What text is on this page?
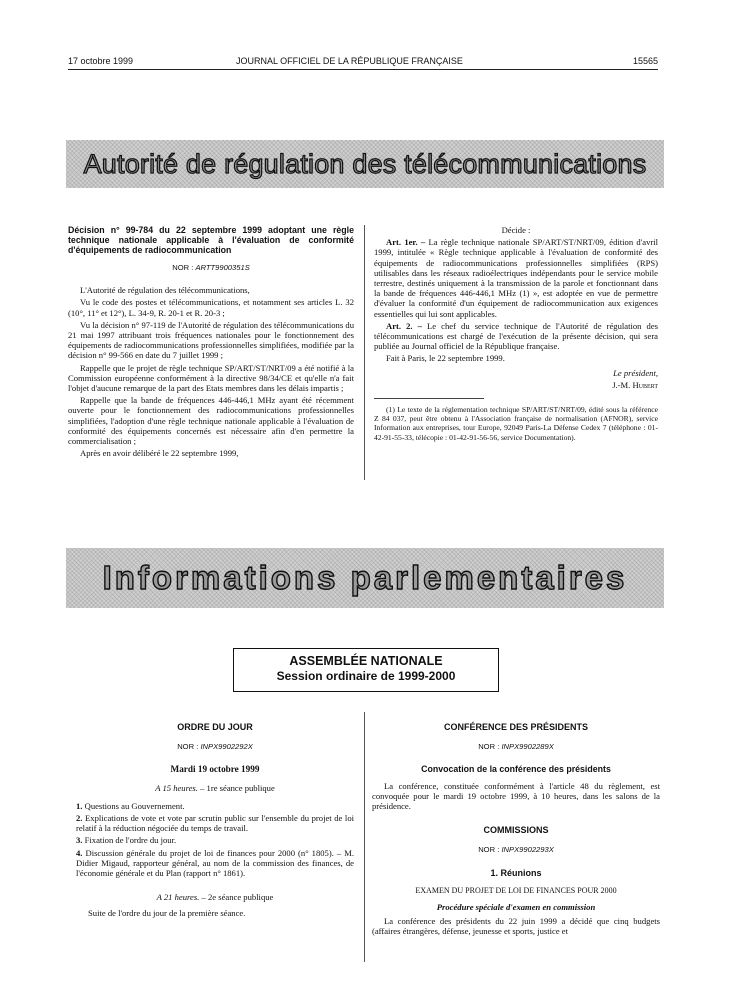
17 octobre 1999	JOURNAL OFFICIEL DE LA RÉPUBLIQUE FRANÇAISE	15565
Autorité de régulation des télécommunications
Décision n° 99-784 du 22 septembre 1999 adoptant une règle technique nationale applicable à l'évaluation de conformité d'équipements de radiocommunication
NOR : ARTT9900351S

L'Autorité de régulation des télécommunications,

Vu le code des postes et télécommunications, et notamment ses articles L. 32 (10°, 11° et 12°), L. 34-9, R. 20-1 et R. 20-3 ;

Vu la décision n° 97-119 de l'Autorité de régulation des télécommunications du 21 mai 1997 attribuant trois fréquences nationales pour le fonctionnement des équipements de radiocommunications professionnelles simplifiées, modifiée par la décision n° 99-566 en date du 7 juillet 1999 ;

Rappelle que le projet de règle technique SP/ART/ST/NRT/09 a été notifié à la Commission européenne conformément à la directive 98/34/CE et qu'elle n'a fait l'objet d'aucune remarque de la part des Etats membres dans les délais impartis ;

Rappelle que la bande de fréquences 446-446,1 MHz ayant été récemment ouverte pour le fonctionnement des radiocommunications professionnelles simplifiées, l'adoption d'une règle technique nationale applicable à l'évaluation de conformité des équipements concernés est nécessaire afin d'en permettre la commercialisation ;

Après en avoir délibéré le 22 septembre 1999,

Décide :

Art. 1er. – La règle technique nationale SP/ART/ST/NRT/09, édition d'avril 1999, intitulée « Règle technique applicable à l'évaluation de conformité des équipements de radiocommunications professionnelles simplifiées (RPS) utilisables dans les réseaux radioélectriques indépendants pour le service mobile terrestre, destinés uniquement à la transmission de la parole et fonctionnant dans la bande de fréquences 446-446,1 MHz (1) », est adoptée en vue de permettre d'évaluer la conformité d'un équipement de radiocommunication aux exigences essentielles qui lui sont applicables.

Art. 2. – Le chef du service technique de l'Autorité de régulation des télécommunications est chargé de l'exécution de la présente décision, qui sera publiée au Journal officiel de la République française.

Fait à Paris, le 22 septembre 1999.

Le président,

J.-M. Hubert

(1) Le texte de la réglementation technique SP/ART/ST/NRT/09, édité sous la référence Z 84 037, peut être obtenu à l'Association française de normalisation (AFNOR), service Information aux entreprises, tour Europe, 92049 Paris-La Défense Cedex 7 (téléphone : 01-42-91-55-33, télécopie : 01-42-91-56-56, service Documentation).

Informations parlementaires
ASSEMBLÉE NATIONALE
Session ordinaire de 1999-2000
ORDRE DU JOUR
NOR : INPX9902292X
Mardi 19 octobre 1999

A 15 heures. – 1re séance publique

1. Questions au Gouvernement.

2. Explications de vote et vote par scrutin public sur l'ensemble du projet de loi relatif à la réduction négociée du temps de travail.

3. Fixation de l'ordre du jour.

4. Discussion générale du projet de loi de finances pour 2000 (n° 1805). – M. Didier Migaud, rapporteur général, au nom de la commission des finances, de l'économie générale et du Plan (rapport n° 1861).

A 21 heures. – 2e séance publique

Suite de l'ordre du jour de la première séance.

CONFÉRENCE DES PRÉSIDENTS
NOR : INPX9902289X
Convocation de la conférence des présidents

La conférence, constituée conformément à l'article 48 du règlement, est convoquée pour le mardi 19 octobre 1999, à 10 heures, dans les salons de la présidence.

COMMISSIONS
NOR : INPX9902293X
1. Réunions

EXAMEN DU PROJET DE LOI DE FINANCES POUR 2000

Procédure spéciale d'examen en commission

La conférence des présidents du 22 juin 1999 a décidé que cinq budgets (affaires étrangères, défense, jeunesse et sports, justice et
